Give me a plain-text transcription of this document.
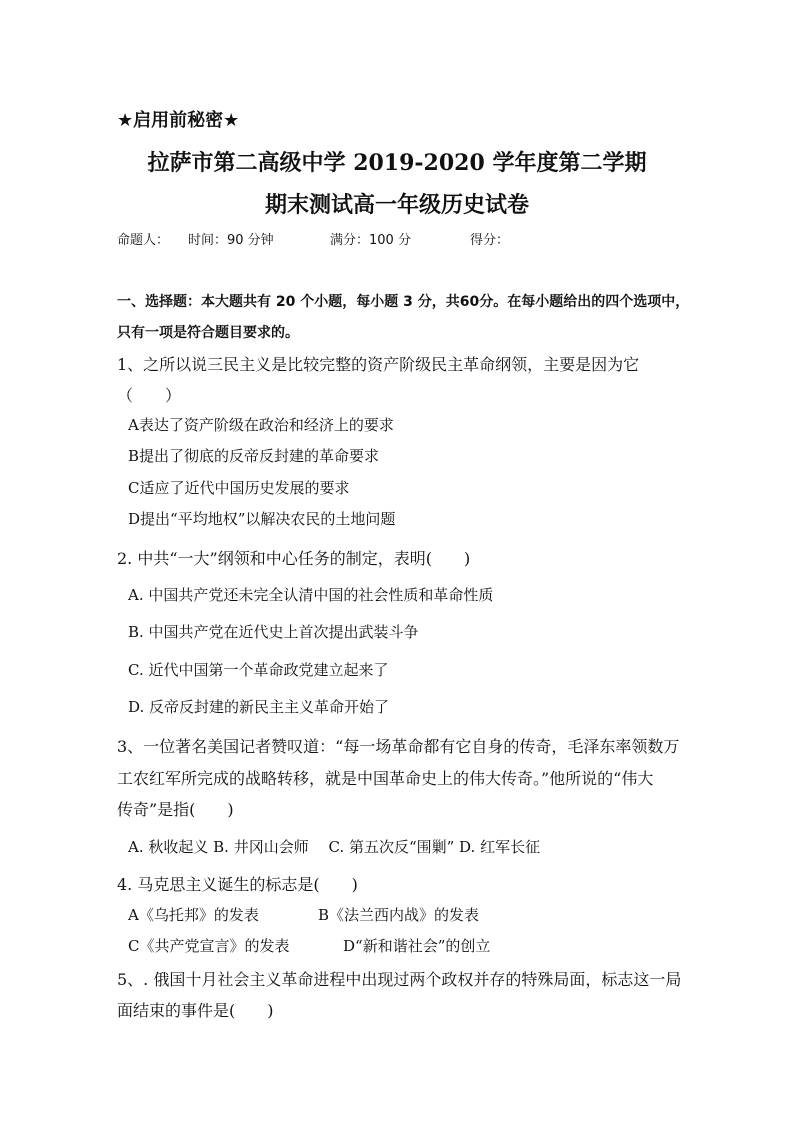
★启用前秘密★
拉萨市第二高级中学 2019-2020 学年度第二学期
期末测试高一年级历史试卷
命题人： 时间：90 分钟	满分：100 分	得分：
一、选择题：本大题共有 20 个小题，每小题 3 分，共60分。在每小题给出的四个选项中，
只有一项是符合题目要求的。
1、之所以说三民主义是比较完整的资产阶级民主革命纲领，主要是因为它
（　　）
A表达了资产阶级在政治和经济上的要求
B提出了彻底的反帝反封建的革命要求
C适应了近代中国历史发展的要求
D提出“平均地权”以解决农民的土地问题
2. 中共“一大”纲领和中心任务的制定，表明(　　)
A. 中国共产党还未完全认清中国的社会性质和革命性质
B. 中国共产党在近代史上首次提出武装斗争
C. 近代中国第一个革命政党建立起来了
D. 反帝反封建的新民主主义革命开始了
3、一位著名美国记者赞叹道：“每一场革命都有它自身的传奇，毛泽东率领数万
工农红军所完成的战略转移，就是中国革命史上的伟大传奇。”他所说的“伟大
传奇”是指(　　)
A. 秋收起义 B. 井冈山会师　 C. 第五次反“围剿” D. 红军长征
4. 马克思主义诞生的标志是(　　)
A《乌托邦》的发表	B《法兰西内战》的发表
C《共产党宣言》的发表	D“新和谐社会”的创立
5、. 俄国十月社会主义革命进程中出现过两个政权并存的特殊局面，标志这一局
面结束的事件是(　　)
